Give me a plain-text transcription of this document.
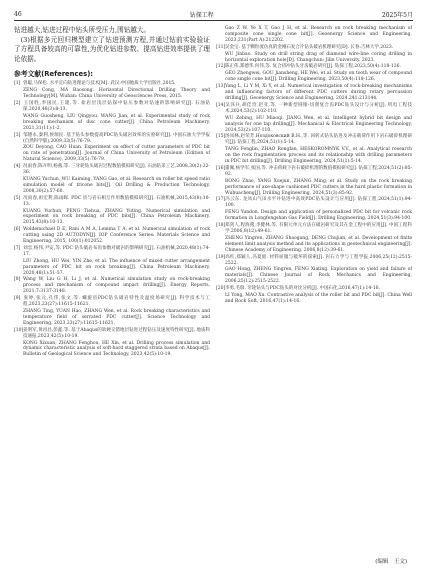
46	钻探工程	2025年5月

钻进越大,钻进过程中钻头所受压力,围钻越大。

(3)根据多元回归模型建立了钻进预测方程,并通过钻前实验验证了方程具备较高的可靠性,为优化钻进参数、提高钻进效率提供了理论依据。

参考文献(References):

[1] 曾聪,马保松. 水平定向钻进理论与技术[M]. 武汉:中国地质大学出版社,2015.

ZENG Cong, MA Baosong. Horizontal Directional Drilling Theory and Technology[M]. Wuhan: China University of Geosciences Press, 2015.

[2] 王国胜,李国民,王建,等. 盐岩层浅层钻探中钻压参数对钻速的影响研究[J]. 石油钻探,2020,48(3):8-13.

WANG Guosheng, LIU Qingyou, WANG Jian, et al. Experimental study of rock breaking mechanism of disc cone cutter[J]. China Petroleum Machinery, 2021,31(11):1-2.

[3] 邹德永,秦利,侯瑞民. 基于钻头参数提高PDC钻头破岩效率的实验研究[J]. 中国石油大学学报(自然科学版),2009,33(5):76-79.

ZOU Deyong, CAO Huan. Experiment on effect of cutter parameters of PDC bit on rate of penetration[J]. Journal of China University of Petroleum (Edition of Natural Science), 2009,33(5):76-79.

[4] 况雨春,陈开明,杨燕,等. 三牙轮钻头破岩过程数值模拟研究[J]. 石油钻采工艺,2008,30(2):32-36.

KUANG Yuchun, WU Kaiming, YANG Gao, et al. Research on roller bit speed ratio simulation model of tricone bits[J]. Oil Drilling & Production Technology, 2008,30(2):57-60.

[5] 况雨春,祖宏利,陈雨晖. PDC 齿与岩石相互作用数值模拟研究[J]. 石油机械,2015,43(8):10-13.

KUANG Yuchun, PENG Tiehua, ZHANG Yuting. Numerical simulation and experiment on rock breaking of PDC bits[J]. China Petroleum Machinery, 2015,43(8):10-13.

[6] Woldemichael D E, Rani A M A, Lemma T A, et al. Numerical simulation of rock cutting using 2D AUTODYN[J]. IOP Conference Series: Materials Science and Engineering, 2015, 100(1):012052.

[7] 刘忠,杨伟,尹安,等. PDC 钻头破岩布齿参数对破岩的影响研究[J]. 石油机械,2020,48(1):74-17.

LIU Zhong, HU Wei, YIN Zhe, et al. The influence of mixed cutter arrangement parameters of PDC bit on rock breaking[J]. China Petroleum Machinery, 2020,48(1):51-57.

[8] Wang W, Liu G H, Li J, et al. Numerical simulation study on rock-breaking process and mechanism of compound impact drilling[J]. Energy Reports, 2021,7:3137-3148.

[9] 张婷,张元,孔伟,张文,等. 螺旋齿PDC钻头破岩特性及温度场研究[J]. 科学技术与工程,2023,23(27):11615-11621.

ZHANG Ting, YUAN Hao, ZHANG Wen, et al. Rock breaking characteristics and temperature field of serrated PDC cutter[J]. Science Technology and Engineering, 2023,23(27):11615-11621.

[10]姜明军,黄再昌,彭鑫,等. 基于Abaqus的软硬交错地层钻进过程钻压及速度特性研究[J]. 地质科技通报,2023,42(5):10-19.

KONG Xixuan, ZHANG Fenghou, HE Xin, et al. Drilling process simulation and dynamic characteristic analysis of soft-hard staggered strata based on Abaqus[J]. Bulletin of Geological Science and Technology, 2023,42(5):10-19.

Gao Z W, Ye X T, Gao J H, et al. Research on rock breaking mechanism of composite cone single cone bit[J]. Geoenergy Science and Engineering, 2023,231(Part A):212202.

[11]吴金宝. 基于颗粒流仿真的金刚石复合片钻头破岩机理研究[D]. 长春:吉林大学,2023.

WU Jinbao. Study on drill string drag of diamond wire-line coring drilling in horizontal exploration hole[D]. Changchun: Jilin University, 2023.

[12]陈正伟,郑德华,何伟,等. 复合扭冲钻头牙齿破岩研究[J]. 钻探工程,2023,50(4):118-126.

GEO Zhengwei, GOU Jiansheng, HE Wei, et al. Study on tooth wear of compound cone single cone bit[J]. Drilling Engineering, 2023,50(4):118-126.

[13]Yang L, Li Y M, Xi Y, et al. Numerical investigation of rock-breaking mechanisms and influencing factors of different PDC cutters during rotary percussion drilling[J]. Geoenergy Science and Engineering, 2024,241:213144.

[14]吴泽兵,胡佳奇,赵亚,等. 一种新型圆锥-切削复合齿PDC钻头设计与分析[J]. 机电工程技术,2024,53(2):102-110.

WU Zebing, HU Miaoqi, JIANG Wen, et al. Intelligent hybrid bit design and analysis for one tap drilling[J]. Mechanical & Electrical Engineering Technology, 2024,53(2):107-110.

[15]汤凤林,赵荣芳,Ноздоковский В.Н.,等. 回转式钻头钻进及冲击载荷作用下岩石破碎机理研究[J]. 钻探工程,2024,51(1):5-14.

TANG Fenglin, ZHAO Rongfan, HESKOROMNYK V.V., et al. Analytical research on the rock fragmentation process and its relationship with drilling parameters in PDC bit drilling[J]. Drilling Engineering, 2024,51(1):5-14.

[16]董佩,杨学军,张国,等. 冲击荷载下岩石破碎机理的数值模拟研究[J]. 钻探工程,2024,51(2):85-92.

RONG Zhao, YANG Xuejun, ZHANG Ming, et al. Study on the rock breaking performance of axe-shape cushioned PDC cutters in the hard plastic formation in Wuhuacheng[J]. Drilling Engineering, 2024,51(3):85-92.

[17]冯云东. 龙凤山气田水平井钻进中高效PDC钻头设计与应用[J]. 钻探工程,2024,51(1):94-100.

FENG Yundon. Design and application of personalized PDC bit for volcanic rock formation in Longfengshan Gas Field[J]. Drilling Engineering, 2024,51(3):94-100.

[18]郑剑人,程海燕,李健林,等. 有限元单元方法在破岩研究及其在金工程中的应用[J]. 中国工程科学,2006,8(12):49-61.

ZHENG Yingren, ZHANG Shaogang, DENG Chujian, et al. Development of finite element limit analysis method and its applications in geotechnical engineering[J]. Chinese Academy of Engineering, 2006,8(12):39-61.

[19]高红,郑颖人,冯夏庭. 材料屈服与破坏的探索[J]. 岩石力学与工程学报,2006,25(12):2515-2522.

GAO Hong, ZHENG Yingren, FENG Xiating. Exploration on yield and failure of materials[J]. Chinese Journal of Rock Mechanics and Engineering, 2006,25(12):2515-2522.

[20]李勇,毛瑞. 牙轮钻头与PDC钻头的对比分析[J]. 中国石化,2016,47(1):14-16.

LI Yong, MAO Xu. Contrastive analysis of the roller bit and PDC bit[J]. China Well and Rock Soft, 2016,47(1):14-16.

(编辑　王文)
